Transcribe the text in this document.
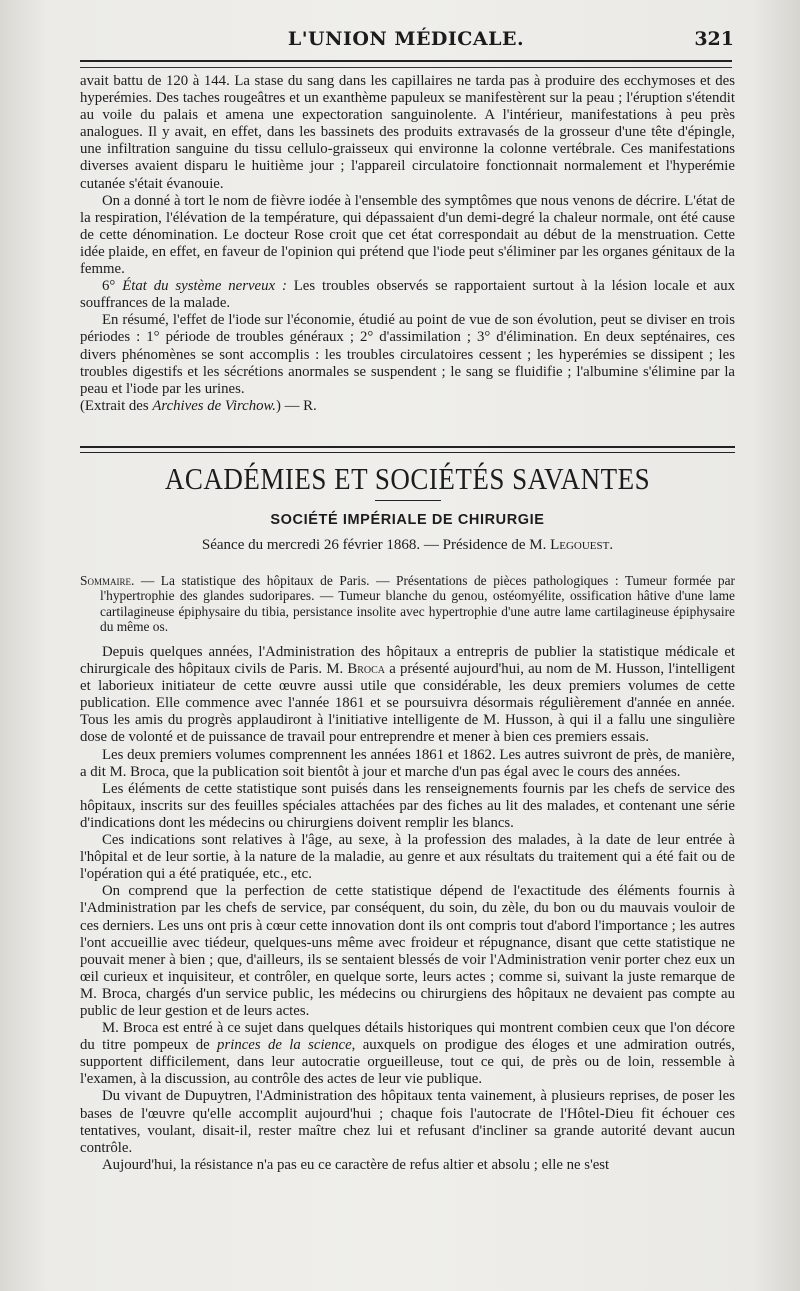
L'UNION MÉDICALE.	321

avait battu de 120 à 144. La stase du sang dans les capillaires ne tarda pas à produire des ecchymoses et des hyperémies. Des taches rougeâtres et un exanthème papuleux se manifestèrent sur la peau ; l'éruption s'étendit au voile du palais et amena une expectoration sanguinolente. A l'intérieur, manifestations à peu près analogues. Il y avait, en effet, dans les bassinets des produits extravasés de la grosseur d'une tête d'épingle, une infiltration sanguine du tissu cellulo-graisseux qui environne la colonne vertébrale. Ces manifestations diverses avaient disparu le huitième jour ; l'appareil circulatoire fonctionnait normalement et l'hyperémie cutanée s'était évanouie.

On a donné à tort le nom de fièvre iodée à l'ensemble des symptômes que nous venons de décrire. L'état de la respiration, l'élévation de la température, qui dépassaient d'un demi-degré la chaleur normale, ont été cause de cette dénomination. Le docteur Rose croit que cet état correspondait au début de la menstruation. Cette idée plaide, en effet, en faveur de l'opinion qui prétend que l'iode peut s'éliminer par les organes génitaux de la femme.

6° État du système nerveux : Les troubles observés se rapportaient surtout à la lésion locale et aux souffrances de la malade.

En résumé, l'effet de l'iode sur l'économie, étudié au point de vue de son évolution, peut se diviser en trois périodes : 1° période de troubles généraux ; 2° d'assimilation ; 3° d'élimination. En deux septénaires, ces divers phénomènes se sont accomplis : les troubles circulatoires cessent ; les hyperémies se dissipent ; les troubles digestifs et les sécrétions anormales se suspendent ; le sang se fluidifie ; l'albumine s'élimine par la peau et l'iode par les urines.

(Extrait des Archives de Virchow.) — R.

ACADÉMIES ET SOCIÉTÉS SAVANTES
SOCIÉTÉ IMPÉRIALE DE CHIRURGIE
Séance du mercredi 26 février 1868. — Présidence de M. Legouest.

Sommaire. — La statistique des hôpitaux de Paris. — Présentations de pièces pathologiques : Tumeur formée par l'hypertrophie des glandes sudoripares. — Tumeur blanche du genou, ostéomyélite, ossification hâtive d'une lame cartilagineuse épiphysaire du tibia, persistance insolite avec hypertrophie d'une autre lame cartilagineuse épiphysaire du même os.

Depuis quelques années, l'Administration des hôpitaux a entrepris de publier la statistique médicale et chirurgicale des hôpitaux civils de Paris. M. Broca a présenté aujourd'hui, au nom de M. Husson, l'intelligent et laborieux initiateur de cette œuvre aussi utile que considérable, les deux premiers volumes de cette publication. Elle commence avec l'année 1861 et se poursuivra désormais régulièrement d'année en année. Tous les amis du progrès applaudiront à l'initiative intelligente de M. Husson, à qui il a fallu une singulière dose de volonté et de puissance de travail pour entreprendre et mener à bien ces premiers essais.

Les deux premiers volumes comprennent les années 1861 et 1862. Les autres suivront de près, de manière, a dit M. Broca, que la publication soit bientôt à jour et marche d'un pas égal avec le cours des années.

Les éléments de cette statistique sont puisés dans les renseignements fournis par les chefs de service des hôpitaux, inscrits sur des feuilles spéciales attachées par des fiches au lit des malades, et contenant une série d'indications dont les médecins ou chirurgiens doivent remplir les blancs.

Ces indications sont relatives à l'âge, au sexe, à la profession des malades, à la date de leur entrée à l'hôpital et de leur sortie, à la nature de la maladie, au genre et aux résultats du traitement qui a été fait ou de l'opération qui a été pratiquée, etc., etc.

On comprend que la perfection de cette statistique dépend de l'exactitude des éléments fournis à l'Administration par les chefs de service, par conséquent, du soin, du zèle, du bon ou du mauvais vouloir de ces derniers. Les uns ont pris à cœur cette innovation dont ils ont compris tout d'abord l'importance ; les autres l'ont accueillie avec tiédeur, quelques-uns même avec froideur et répugnance, disant que cette statistique ne pouvait mener à bien ; que, d'ailleurs, ils se sentaient blessés de voir l'Administration venir porter chez eux un œil curieux et inquisiteur, et contrôler, en quelque sorte, leurs actes ; comme si, suivant la juste remarque de M. Broca, chargés d'un service public, les médecins ou chirurgiens des hôpitaux ne devaient pas compte au public de leur gestion et de leurs actes.

M. Broca est entré à ce sujet dans quelques détails historiques qui montrent combien ceux que l'on décore du titre pompeux de princes de la science, auxquels on prodigue des éloges et une admiration outrés, supportent difficilement, dans leur autocratie orgueilleuse, tout ce qui, de près ou de loin, ressemble à l'examen, à la discussion, au contrôle des actes de leur vie publique.

Du vivant de Dupuytren, l'Administration des hôpitaux tenta vainement, à plusieurs reprises, de poser les bases de l'œuvre qu'elle accomplit aujourd'hui ; chaque fois l'autocrate de l'Hôtel-Dieu fit échouer ces tentatives, voulant, disait-il, rester maître chez lui et refusant d'incliner sa grande autorité devant aucun contrôle.

Aujourd'hui, la résistance n'a pas eu ce caractère de refus altier et absolu ; elle ne s'est
